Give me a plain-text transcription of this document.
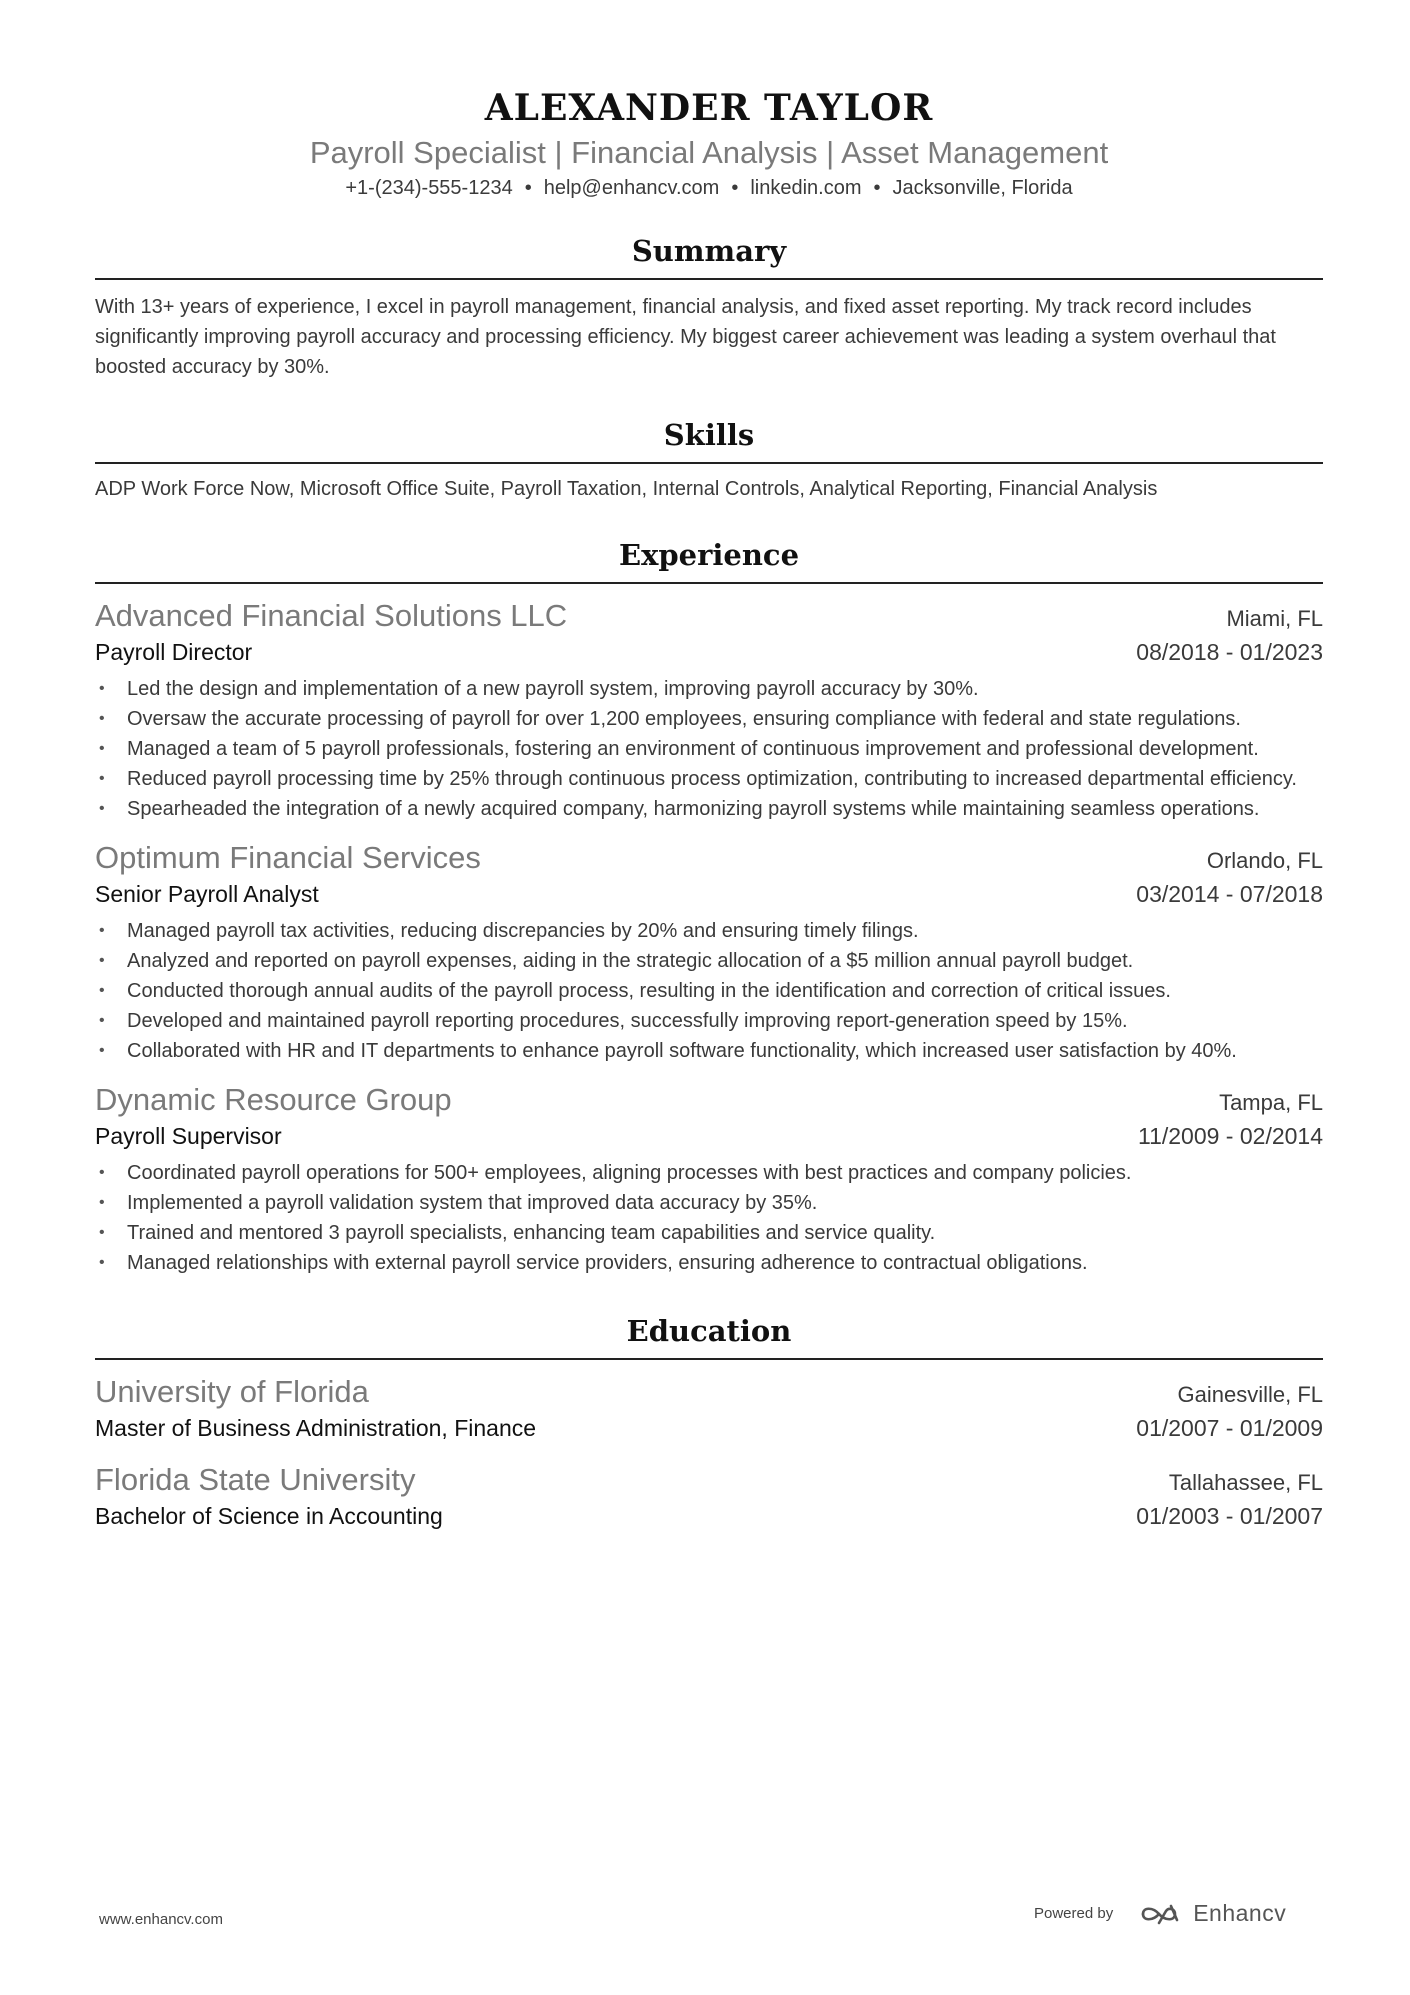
ALEXANDER TAYLOR
Payroll Specialist | Financial Analysis | Asset Management
+1-(234)-555-1234 • help@enhancv.com • linkedin.com • Jacksonville, Florida
Summary
With 13+ years of experience, I excel in payroll management, financial analysis, and fixed asset reporting. My track record includes significantly improving payroll accuracy and processing efficiency. My biggest career achievement was leading a system overhaul that boosted accuracy by 30%.
Skills
ADP Work Force Now, Microsoft Office Suite, Payroll Taxation, Internal Controls, Analytical Reporting, Financial Analysis
Experience
Advanced Financial Solutions LLC	Miami, FL
Payroll Director	08/2018 - 01/2023
• Led the design and implementation of a new payroll system, improving payroll accuracy by 30%.
• Oversaw the accurate processing of payroll for over 1,200 employees, ensuring compliance with federal and state regulations.
• Managed a team of 5 payroll professionals, fostering an environment of continuous improvement and professional development.
• Reduced payroll processing time by 25% through continuous process optimization, contributing to increased departmental efficiency.
• Spearheaded the integration of a newly acquired company, harmonizing payroll systems while maintaining seamless operations.
Optimum Financial Services	Orlando, FL
Senior Payroll Analyst	03/2014 - 07/2018
• Managed payroll tax activities, reducing discrepancies by 20% and ensuring timely filings.
• Analyzed and reported on payroll expenses, aiding in the strategic allocation of a $5 million annual payroll budget.
• Conducted thorough annual audits of the payroll process, resulting in the identification and correction of critical issues.
• Developed and maintained payroll reporting procedures, successfully improving report-generation speed by 15%.
• Collaborated with HR and IT departments to enhance payroll software functionality, which increased user satisfaction by 40%.
Dynamic Resource Group	Tampa, FL
Payroll Supervisor	11/2009 - 02/2014
• Coordinated payroll operations for 500+ employees, aligning processes with best practices and company policies.
• Implemented a payroll validation system that improved data accuracy by 35%.
• Trained and mentored 3 payroll specialists, enhancing team capabilities and service quality.
• Managed relationships with external payroll service providers, ensuring adherence to contractual obligations.
Education
University of Florida	Gainesville, FL
Master of Business Administration, Finance	01/2007 - 01/2009
Florida State University	Tallahassee, FL
Bachelor of Science in Accounting	01/2003 - 01/2007
www.enhancv.com	Powered by	Enhancv
